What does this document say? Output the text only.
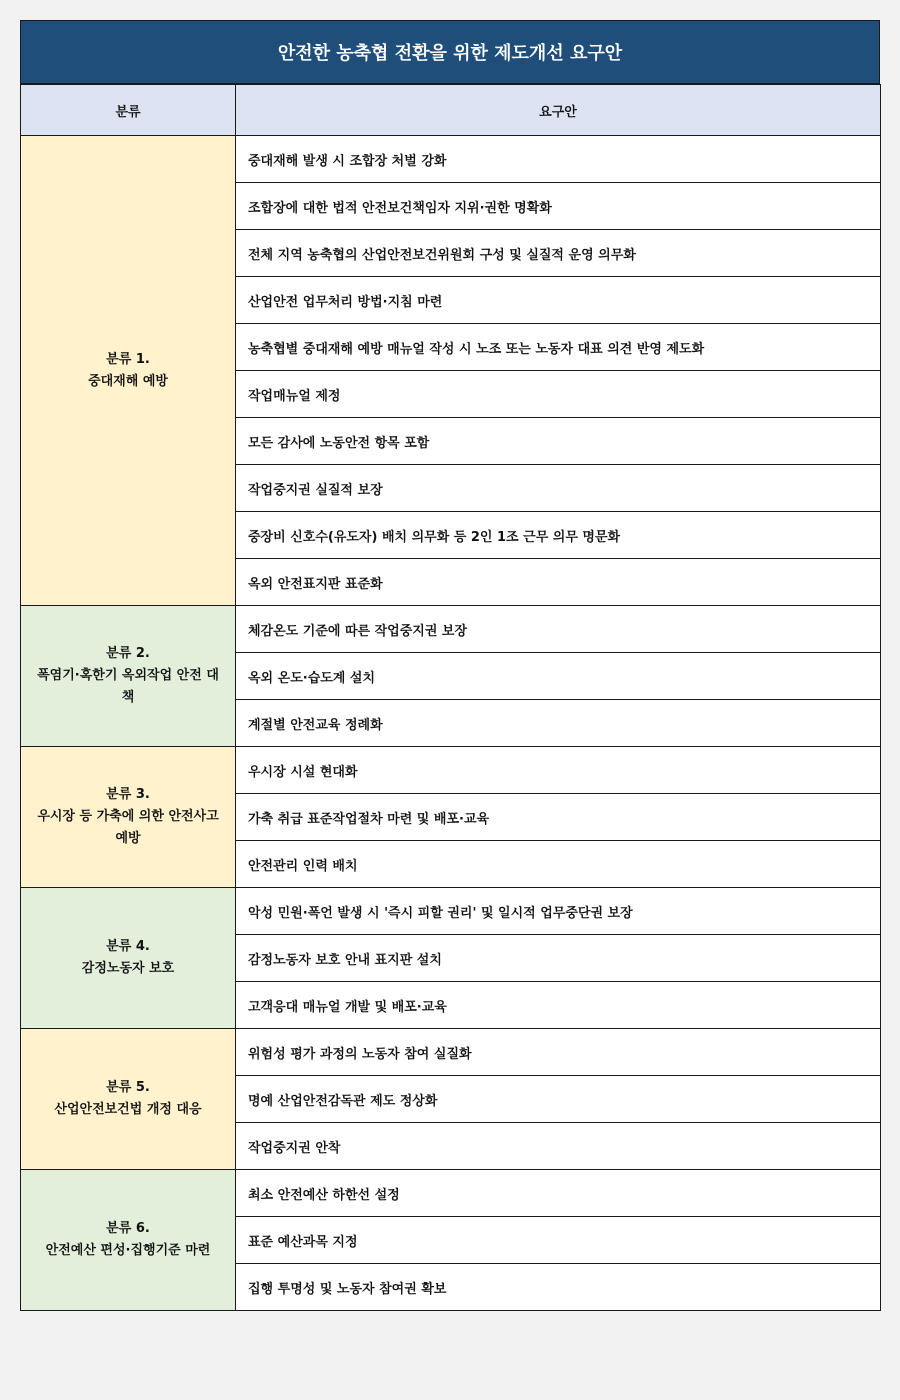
안전한 농축협 전환을 위한 제도개선 요구안
분류	요구안

분류 1.
중대재해 예방	중대재해 발생 시 조합장 처벌 강화
	조합장에 대한 법적 안전보건책임자 지위·권한 명확화
	전체 지역 농축협의 산업안전보건위원회 구성 및 실질적 운영 의무화
	산업안전 업무처리 방법·지침 마련
	농축협별 중대재해 예방 매뉴얼 작성 시 노조 또는 노동자 대표 의견 반영 제도화
	작업매뉴얼 제정
	모든 감사에 노동안전 항목 포함
	작업중지권 실질적 보장
	중장비 신호수(유도자) 배치 의무화 등 2인 1조 근무 의무 명문화
	옥외 안전표지판 표준화

분류 2.
폭염기·혹한기 옥외작업 안전 대책	체감온도 기준에 따른 작업중지권 보장
	옥외 온도·습도계 설치
	계절별 안전교육 정례화

분류 3.
우시장 등 가축에 의한 안전사고 예방	우시장 시설 현대화
	가축 취급 표준작업절차 마련 및 배포·교육
	안전관리 인력 배치

분류 4.
감정노동자 보호	악성 민원·폭언 발생 시 '즉시 피할 권리' 및 일시적 업무중단권 보장
	감정노동자 보호 안내 표지판 설치
	고객응대 매뉴얼 개발 및 배포·교육

분류 5.
산업안전보건법 개정 대응	위험성 평가 과정의 노동자 참여 실질화
	명예 산업안전감독관 제도 정상화
	작업중지권 안착

분류 6.
안전예산 편성·집행기준 마련	최소 안전예산 하한선 설정
	표준 예산과목 지정
	집행 투명성 및 노동자 참여권 확보
